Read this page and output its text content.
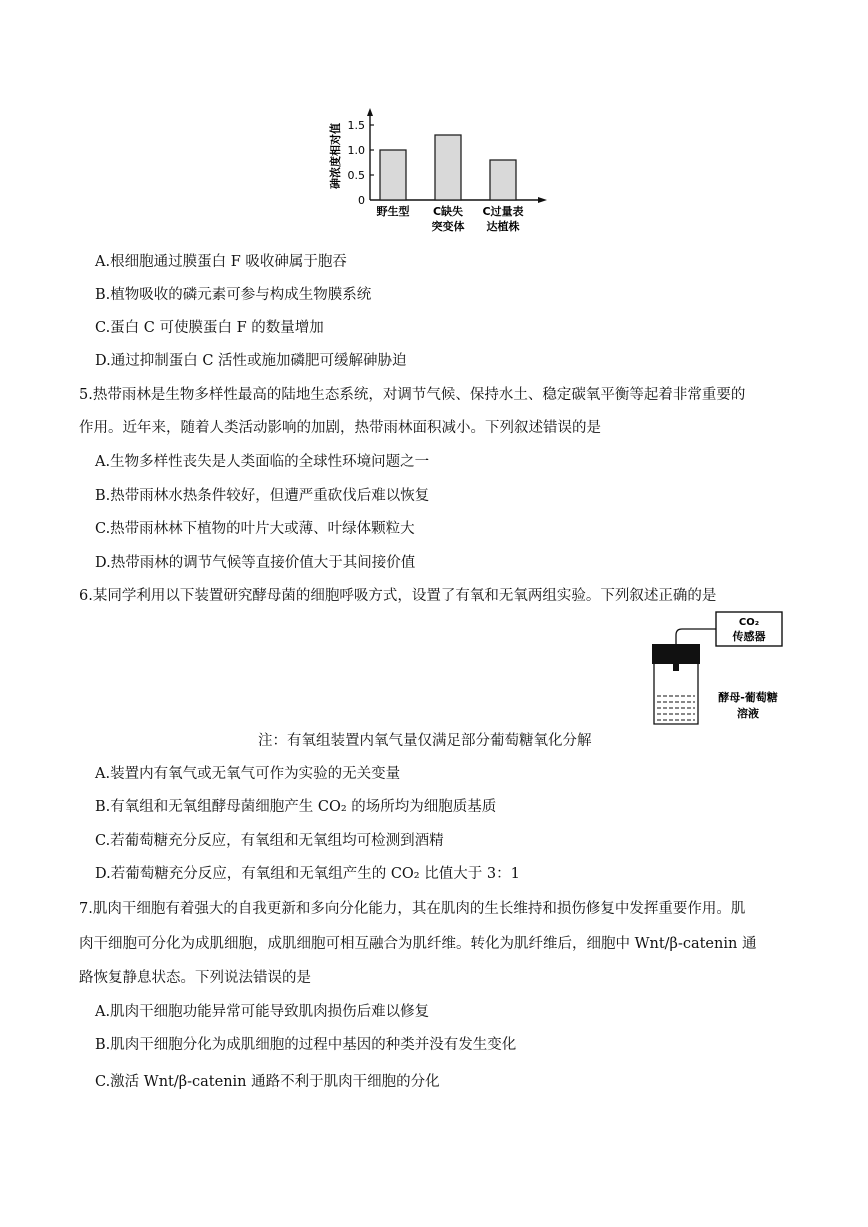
砷浓度相对值
0
0.5
1.0
1.5
野生型 C缺失
突变体
C过量表
达植株
A.根细胞通过膜蛋白 F 吸收砷属于胞吞
B.植物吸收的磷元素可参与构成生物膜系统
C.蛋白 C 可使膜蛋白 F 的数量增加
D.通过抑制蛋白 C 活性或施加磷肥可缓解砷胁迫
5.热带雨林是生物多样性最高的陆地生态系统，对调节气候、保持水土、稳定碳氧平衡等起着非常重要的
作用。近年来，随着人类活动影响的加剧，热带雨林面积减小。下列叙述错误的是
A.生物多样性丧失是人类面临的全球性环境问题之一
B.热带雨林水热条件较好，但遭严重砍伐后难以恢复
C.热带雨林林下植物的叶片大或薄、叶绿体颗粒大
D.热带雨林的调节气候等直接价值大于其间接价值
6.某同学利用以下装置研究酵母菌的细胞呼吸方式，设置了有氧和无氧两组实验。下列叙述正确的是
CO₂
传感器
酵母-葡萄糖
溶液
注：有氧组装置内氧气量仅满足部分葡萄糖氧化分解
A.装置内有氧气或无氧气可作为实验的无关变量
B.有氧组和无氧组酵母菌细胞产生 CO₂ 的场所均为细胞质基质
C.若葡萄糖充分反应，有氧组和无氧组均可检测到酒精
D.若葡萄糖充分反应，有氧组和无氧组产生的 CO₂ 比值大于 3：1
7.肌肉干细胞有着强大的自我更新和多向分化能力，其在肌肉的生长维持和损伤修复中发挥重要作用。肌
肉干细胞可分化为成肌细胞，成肌细胞可相互融合为肌纤维。转化为肌纤维后，细胞中 Wnt/β-catenin 通
路恢复静息状态。下列说法错误的是
A.肌肉干细胞功能异常可能导致肌肉损伤后难以修复
B.肌肉干细胞分化为成肌细胞的过程中基因的种类并没有发生变化
C.激活 Wnt/β-catenin 通路不利于肌肉干细胞的分化
